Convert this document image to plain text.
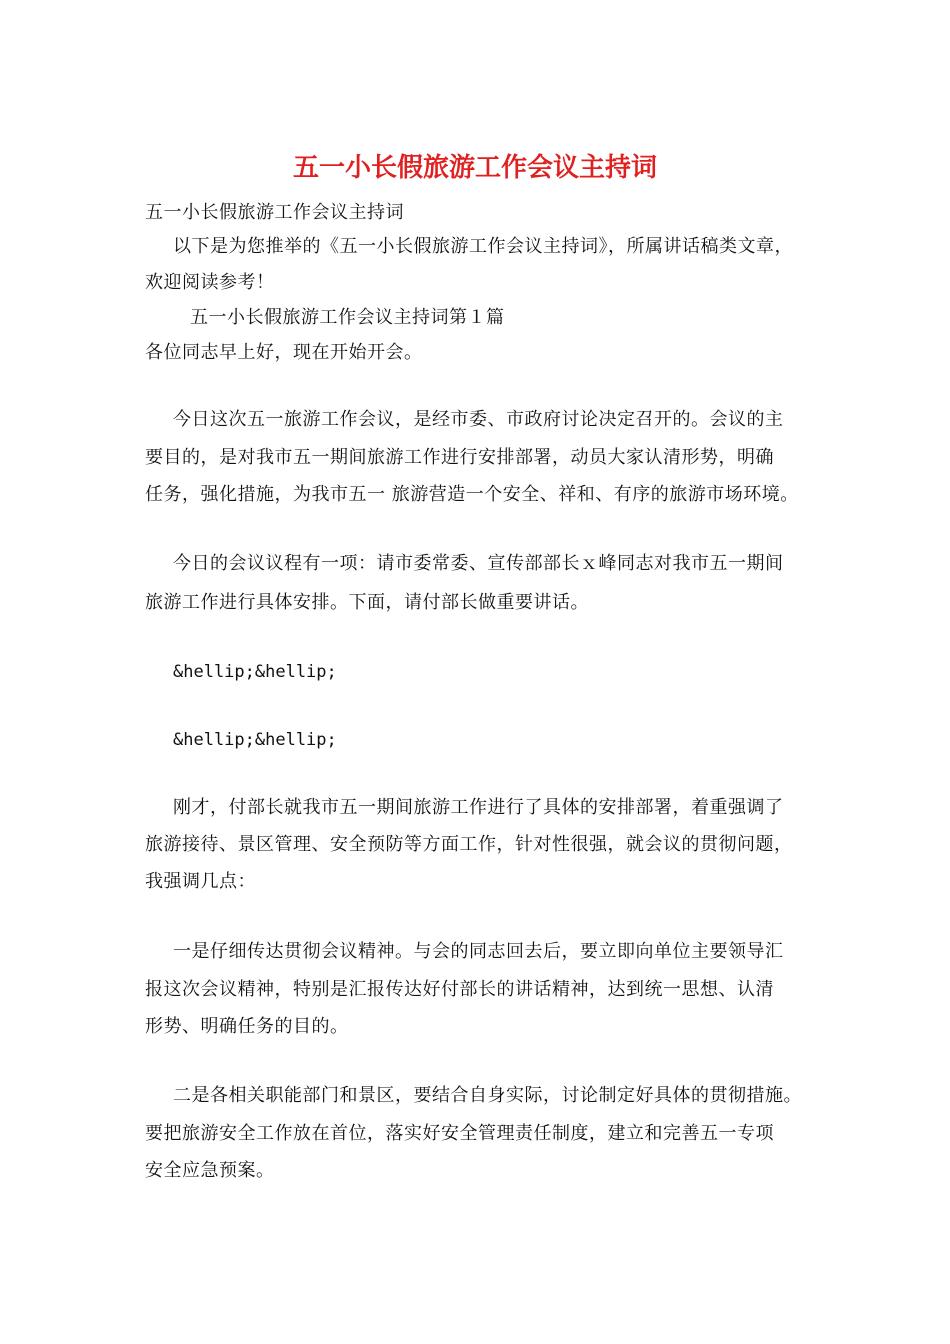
五一小长假旅游工作会议主持词
五一小长假旅游工作会议主持词
以下是为您推举的《五一小长假旅游工作会议主持词》，所属讲话稿类文章，
欢迎阅读参考！
五一小长假旅游工作会议主持词第１篇
各位同志早上好，现在开始开会。
今日这次五一旅游工作会议，是经市委、市政府讨论决定召开的。会议的主
要目的，是对我市五一期间旅游工作进行安排部署，动员大家认清形势，明确
任务，强化措施，为我市五一 旅游营造一个安全、祥和、有序的旅游市场环境。
今日的会议议程有一项：请市委常委、宣传部部长ｘ峰同志对我市五一期间
旅游工作进行具体安排。下面，请付部长做重要讲话。
&hellip;&hellip;
&hellip;&hellip;
刚才，付部长就我市五一期间旅游工作进行了具体的安排部署，着重强调了
旅游接待、景区管理、安全预防等方面工作，针对性很强，就会议的贯彻问题，
我强调几点：
一是仔细传达贯彻会议精神。与会的同志回去后，要立即向单位主要领导汇
报这次会议精神，特别是汇报传达好付部长的讲话精神，达到统一思想、认清
形势、明确任务的目的。
二是各相关职能部门和景区，要结合自身实际，讨论制定好具体的贯彻措施。
要把旅游安全工作放在首位，落实好安全管理责任制度，建立和完善五一专项
安全应急预案。
